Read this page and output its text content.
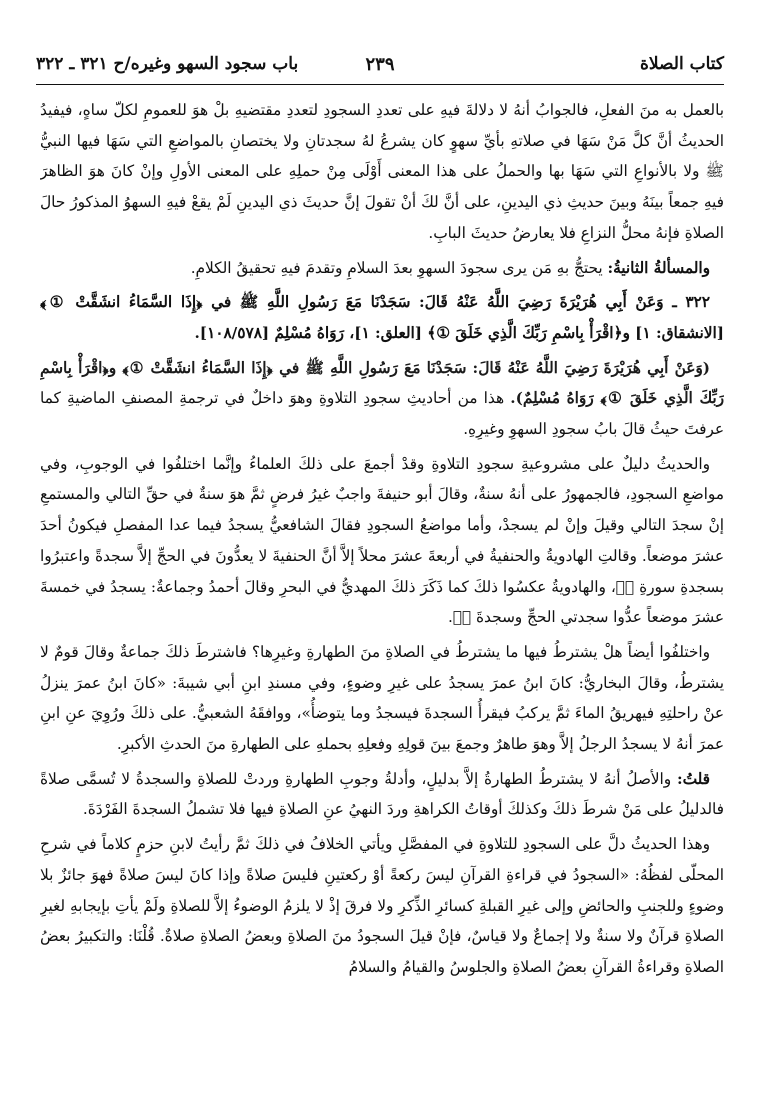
كتاب الصلاة
٢٣٩
باب سجود السهو وغيره/ح ٣٢١ ـ ٣٢٢

بالعمل به منَ الفعلِ، فالجوابُ أنهُ لا دلالةَ فيهِ على تعددِ السجودِ لتعددِ مقتضيهِ بلْ هوَ للعمومِ لكلّ ساهٍ، فيفيدُ الحديثُ أنَّ كلَّ مَنْ سَهَا في صلاتهِ بأيِّ سهوٍ كان يشرعُ لهُ سجدتانِ ولا يختصانِ بالمواضعِ التي سَهَا فيها النبيُّ ﷺ ولا بالأنواعِ التي سَهَا بها والحملُ على هذا المعنى أَوْلَى مِنْ حملِهِ على المعنى الأولِ وإنْ كانَ هوَ الظاهرَ فيهِ جمعاً بينَهُ وبينَ حديثِ ذي اليدينِ، على أنَّ لكَ أنْ تقولَ إنَّ حديثَ ذي اليدينِ لَمْ يقعْ فيهِ السهوُ المذكورُ حالَ الصلاةِ فإنهُ محلُّ النزاعِ فلا يعارضُ حديثَ البابِ.

والمسألةُ الثانيةُ: يحتجُّ بهِ مَن يرى سجودَ السهوِ بعدَ السلامِ وتقدمَ فيهِ تحقيقُ الكلامِ.

٣٢٢ ـ وَعَنْ أَبِي هُرَيْرَةَ رَضِيَ اللَّهُ عَنْهُ قَالَ: سَجَدْنَا مَعَ رَسُولِ اللَّهِ ﷺ في ﴿إِذَا السَّمَاءُ انشَقَّتْ ①﴾ [الانشقاق: ١] و﴿اقْرَأْ بِاسْمِ رَبِّكَ الَّذِي خَلَقَ ①﴾ [العلق: ١]، رَوَاهُ مُسْلِمٌ [١٠٨/٥٧٨].

(وَعَنْ أَبِي هُرَيْرَةَ رَضِيَ اللَّهُ عَنْهُ قَالَ: سَجَدْنَا مَعَ رَسُولِ اللَّهِ ﷺ في ﴿إِذَا السَّمَاءُ انشَقَّتْ ①﴾ و﴿اقْرَأْ بِاسْمِ رَبِّكَ الَّذِي خَلَقَ ①﴾ رَوَاهُ مُسْلِمٌ). هذا من أحاديثِ سجودِ التلاوةِ وهوَ داخلٌ في ترجمةِ المصنفِ الماضيةِ كما عرفتَ حيثُ قالَ بابُ سجودِ السهوِ وغيرِهِ.

والحديثُ دليلٌ على مشروعيةِ سجودِ التلاوةِ وقدْ أجمعَ على ذلكَ العلماءُ وإنَّما اختلفُوا في الوجوبِ، وفي مواضعِ السجودِ، فالجمهورُ على أنهُ سنةٌ، وقالَ أبو حنيفةَ واجبٌ غيرُ فرضٍ ثمَّ هوَ سنةٌ في حقِّ التالي والمستمعِ إنْ سجدَ التالي وقيلَ وإنْ لم يسجدْ، وأما مواضعُ السجودِ فقالَ الشافعيُّ يسجدُ فيما عدا المفصلِ فيكونُ أحدَ عشرَ موضعاً. وقالتِ الهادويةُ والحنفيةُ في أربعةَ عشرَ محلاً إلاَّ أنَّ الحنفيةَ لا يعدُّونَ في الحجِّ إلاَّ سجدةً واعتبرُوا بسجدةِ سورةِ صۤ، والهادويةُ عكسُوا ذلكَ كما ذَكَرَ ذلكَ المهديُّ في البحرِ وقالَ أحمدُ وجماعةٌ: يسجدُ في خمسةَ عشرَ موضعاً عدُّوا سجدتي الحجِّ وسجدةَ صۤ.

واختلفُوا أيضاً هلْ يشترطُ فيها ما يشترطُ في الصلاةِ منَ الطهارةِ وغيرِها؟ فاشترطَ ذلكَ جماعةٌ وقالَ قومٌ لا يشترطُ، وقالَ البخاريُّ: كانَ ابنُ عمرَ يسجدُ على غيرِ وضوءٍ، وفي مسندِ ابنِ أبي شيبةَ: «كانَ ابنُ عمرَ ينزلُ عنْ راحلتِهِ فيهريقُ الماءَ ثمَّ يركبُ فيقرأُ السجدةَ فيسجدُ وما يتوضأُ»، ووافقَهُ الشعبيُّ. على ذلكَ ورُوِيَ عنِ ابنِ عمرَ أنهُ لا يسجدُ الرجلُ إلاَّ وهوَ طاهرٌ وجمعَ بينَ قولِهِ وفعلِهِ بحملهِ على الطهارةِ منَ الحدثِ الأكبرِ.

قلتُ: والأصلُ أنهُ لا يشترطُ الطهارةُ إلاَّ بدليلٍ، وأدلةُ وجوبِ الطهارةِ وردتْ للصلاةِ والسجدةُ لا تُسمَّى صلاةً فالدليلُ على مَنْ شرطَ ذلكَ وكذلكَ أوقاتُ الكراهةِ وردَ النهيُ عنِ الصلاةِ فيها فلا تشملُ السجدةَ الفَرْدَةَ.

وهذا الحديثُ دلَّ على السجودِ للتلاوةِ في المفصَّلِ ويأتي الخلافُ في ذلكَ ثمَّ رأيتُ لابنِ حزمٍ كلاماً في شرحِ المحلّى لفظُهُ: «السجودُ في قراءةِ القرآنِ ليسَ ركعةً أوْ ركعتينِ فليسَ صلاةً وإذا كانَ ليسَ صلاةً فهوَ جائزٌ بلا وضوءٍ وللجنبِ والحائضِ وإلى غيرِ القبلةِ كسائرِ الذِّكرِ ولا فرقَ إذْ لا يلزمُ الوضوءُ إلاَّ للصلاةِ ولَمْ يأتِ بإيجابهِ لغيرِ الصلاةِ قرآنٌ ولا سنةٌ ولا إجماعٌ ولا قياسٌ، فإنْ قيلَ السجودُ منَ الصلاةِ وبعضُ الصلاةِ صلاةٌ. قُلْنَا: والتكبيرُ بعضُ الصلاةِ وقراءةُ القرآنِ بعضُ الصلاةِ والجلوسُ والقيامُ والسلامُ
